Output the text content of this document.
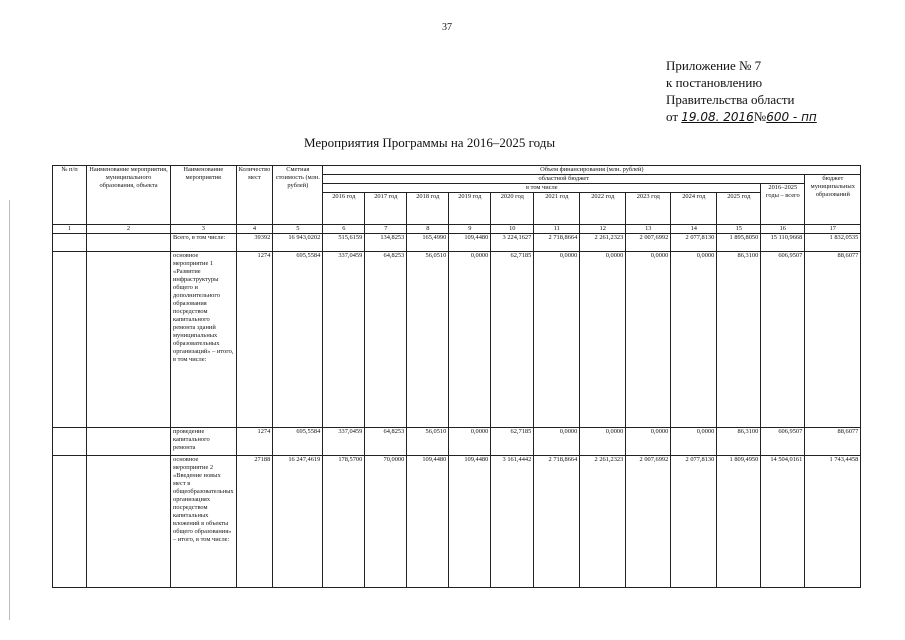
37
Приложение № 7
к постановлению
Правительства области
от 19.08. 2016№600 - пп
Мероприятия Программы на 2016–2025 годы
№ п/п	Наименование мероприятия, муниципального образования, объекта	Наименование мероприятия	Количество мест	Сметная стоимость (млн. рублей)	Объем финансирования (млн. рублей)											
					областной бюджет											бюджет муниципальных образований
					в том числе										2016–2025 годы – всего	
					2016 год	2017 год	2018 год	2019 год	2020 год	2021 год	2022 год	2023 год	2024 год	2025 год		
1	2	3	4	5	6	7	8	9	10	11	12	13	14	15	16	17
		Всего, в том числе:	39392	16 943,0202	515,6159	134,8253	165,4990	109,4480	3 224,1627	2 718,8664	2 261,2323	2 007,6992	2 077,8130	1 895,8050	15 110,9668	1 832,0535
		основное мероприятие 1 «Развитие инфраструктуры общего и дополнительного образования посредством капитального ремонта зданий муниципальных образовательных организаций» – итого, в том числе:	1274	695,5584	337,0459	64,8253	56,0510	0,0000	62,7185	0,0000	0,0000	0,0000	0,0000	86,3100	606,9507	88,6077
		проведение капитального ремонта	1274	695,5584	337,0459	64,8253	56,0510	0,0000	62,7185	0,0000	0,0000	0,0000	0,0000	86,3100	606,9507	88,6077
		основное мероприятие 2 «Введение новых мест в общеобразовательных организациях посредством капитальных вложений в объекты общего образования» – итого, в том числе:	27188	16 247,4619	178,5700	70,0000	109,4480	109,4480	3 161,4442	2 718,8664	2 261,2323	2 007,6992	2 077,8130	1 809,4950	14 504,0161	1 743,4458
